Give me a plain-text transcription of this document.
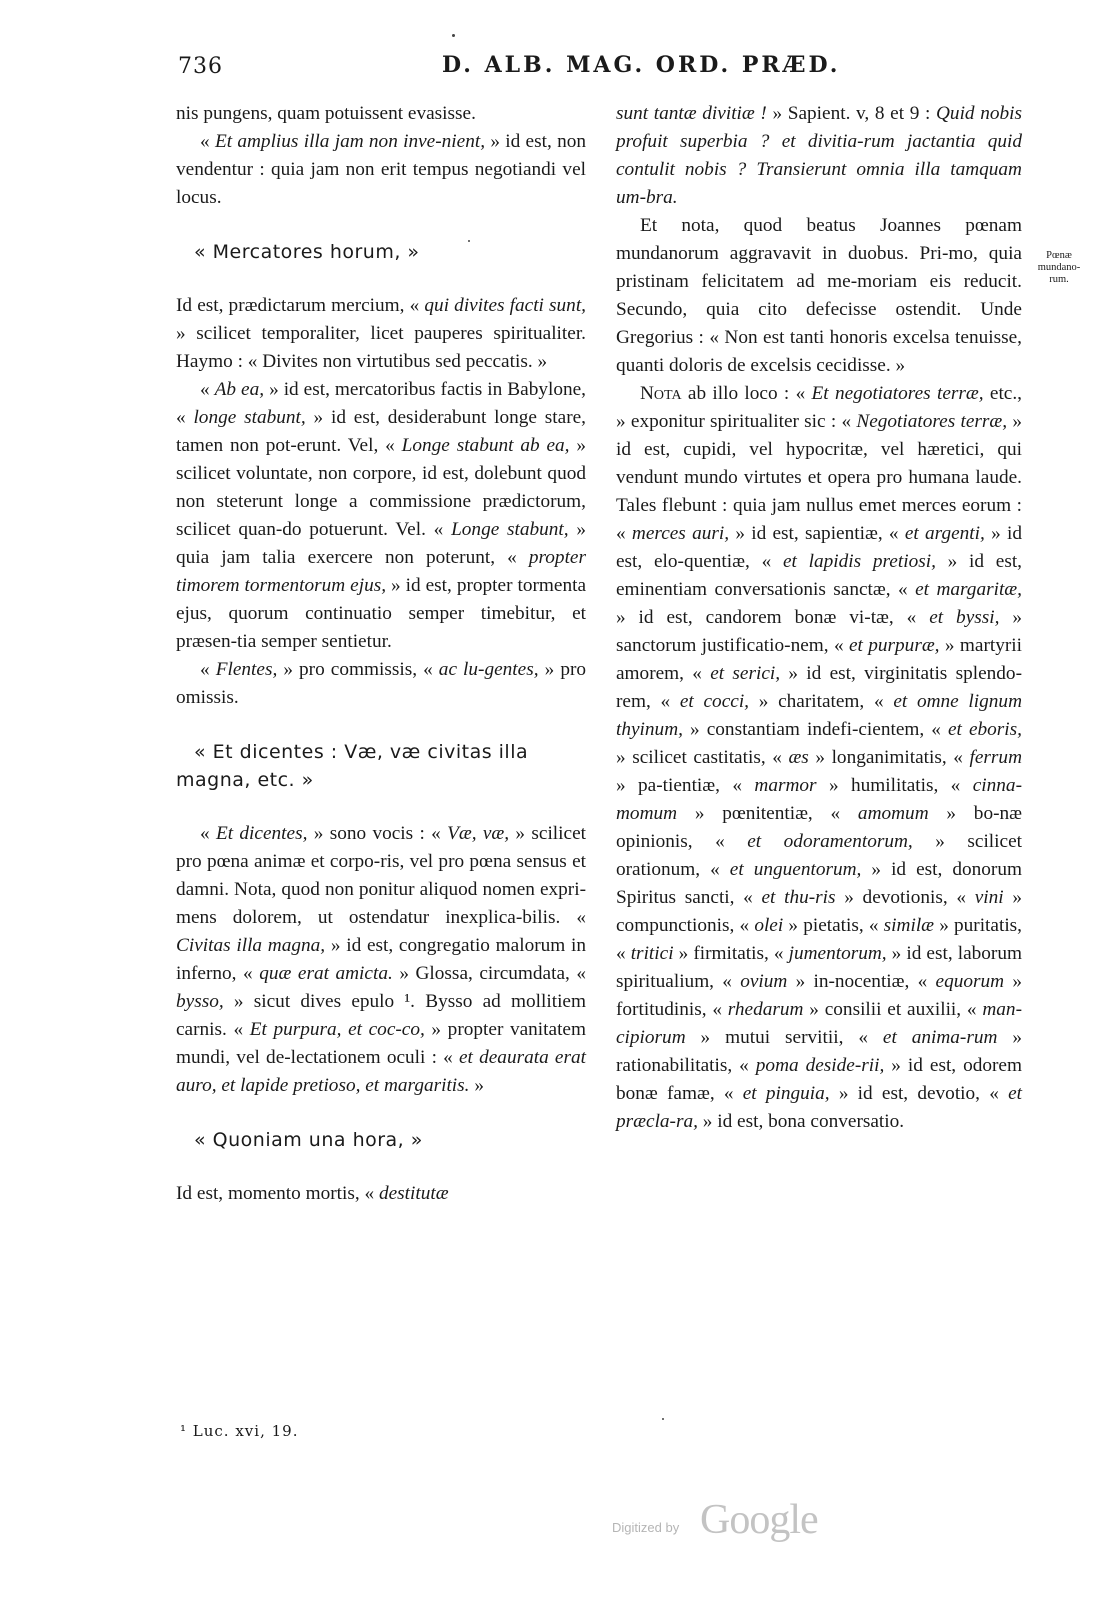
736	D. ALB. MAG. ORD. PRÆD.

nis pungens, quam potuissent evasisse.

« Et amplius illa jam non inve-nient, » id est, non vendentur : quia jam non erit tempus negotiandi vel locus.

« Mercatores horum, »

Id est, prædictarum mercium, « qui divites facti sunt, » scilicet temporaliter, licet pauperes spiritualiter. Haymo : « Divites non virtutibus sed peccatis. »

« Ab ea, » id est, mercatoribus factis in Babylone, « longe stabunt, » id est, desiderabunt longe stare, tamen non pot-erunt. Vel, « Longe stabunt ab ea, » scilicet voluntate, non corpore, id est, dolebunt quod non steterunt longe a commissione prædictorum, scilicet quan-do potuerunt. Vel. « Longe stabunt, » quia jam talia exercere non poterunt, « propter timorem tormentorum ejus, » id est, propter tormenta ejus, quorum continuatio semper timebitur, et præsen-tia semper sentietur.

« Flentes, » pro commissis, « ac lu-gentes, » pro omissis.

« Et dicentes : Væ, væ civitas illa magna, etc. »

« Et dicentes, » sono vocis : « Væ, væ, » scilicet pro pœna animæ et corpo-ris, vel pro pœna sensus et damni. Nota, quod non ponitur aliquod nomen expri-mens dolorem, ut ostendatur inexplica-bilis. « Civitas illa magna, » id est, congregatio malorum in inferno, « quæ erat amicta. » Glossa, circumdata, « bysso, » sicut dives epulo ¹. Bysso ad mollitiem carnis. « Et purpura, et coc-co, » propter vanitatem mundi, vel de-lectationem oculi : « et deaurata erat auro, et lapide pretioso, et margaritis. »

« Quoniam una hora, »

Id est, momento mortis, « destitutæ

sunt tantæ divitiæ ! » Sapient. v, 8 et 9 : Quid nobis profuit superbia ? et divitia-rum jactantia quid contulit nobis ? Transierunt omnia illa tamquam um-bra.

Et nota, quod beatus Joannes pœnam mundanorum aggravavit in duobus. Pri-mo, quia pristinam felicitatem ad me-moriam eis reducit. Secundo, quia cito defecisse ostendit. Unde Gregorius : « Non est tanti honoris excelsa tenuisse, quanti doloris de excelsis cecidisse. »

Nota ab illo loco : « Et negotiatores terræ, etc., » exponitur spiritualiter sic : « Negotiatores terræ, » id est, cupidi, vel hypocritæ, vel hæretici, qui vendunt mundo virtutes et opera pro humana laude. Tales flebunt : quia jam nullus emet merces eorum : « merces auri, » id est, sapientiæ, « et argenti, » id est, elo-quentiæ, « et lapidis pretiosi, » id est, eminentiam conversationis sanctæ, « et margaritæ, » id est, candorem bonæ vi-tæ, « et byssi, » sanctorum justificatio-nem, « et purpuræ, » martyrii amorem, « et serici, » id est, virginitatis splendo-rem, « et cocci, » charitatem, « et omne lignum thyinum, » constantiam indefi-cientem, « et eboris, » scilicet castitatis, « æs » longanimitatis, « ferrum » pa-tientiæ, « marmor » humilitatis, « cinna-momum » pœnitentiæ, « amomum » bo-næ opinionis, « et odoramentorum, » scilicet orationum, « et unguentorum, » id est, donorum Spiritus sancti, « et thu-ris » devotionis, « vini » compunctionis, « olei » pietatis, « similæ » puritatis, « tritici » firmitatis, « jumentorum, » id est, laborum spiritualium, « ovium » in-nocentiæ, « equorum » fortitudinis, « rhedarum » consilii et auxilii, « man-cipiorum » mutui servitii, « et anima-rum » rationabilitatis, « poma deside-rii, » id est, odorem bonæ famæ, « et pinguia, » id est, devotio, « et præcla-ra, » id est, bona conversatio.

Pœnæ mundano-rum.
¹ Luc. xvi, 19.
Digitized by Google
